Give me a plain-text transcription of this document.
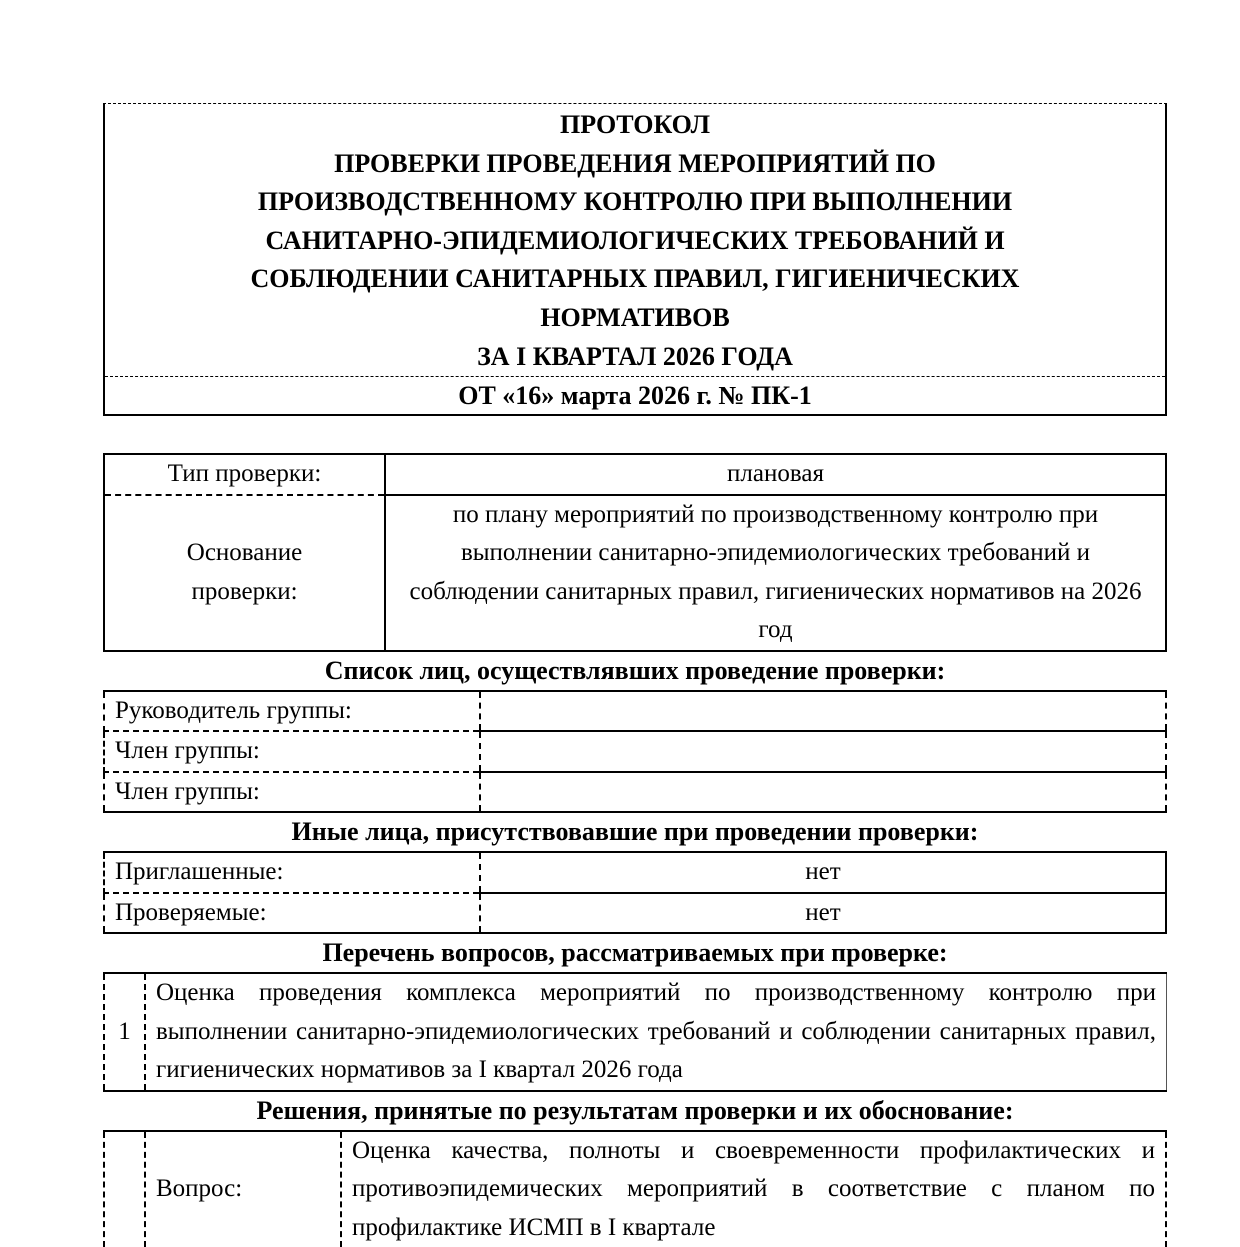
ПРОТОКОЛ
ПРОВЕРКИ ПРОВЕДЕНИЯ МЕРОПРИЯТИЙ ПО
ПРОИЗВОДСТВЕННОМУ КОНТРОЛЮ ПРИ ВЫПОЛНЕНИИ
САНИТАРНО-ЭПИДЕМИОЛОГИЧЕСКИХ ТРЕБОВАНИЙ И
СОБЛЮДЕНИИ САНИТАРНЫХ ПРАВИЛ, ГИГИЕНИЧЕСКИХ
НОРМАТИВОВ
ЗА I КВАРТАЛ 2026 ГОДА
ОТ «16» марта 2026 г. № ПК-1
Тип проверки:	плановая
Основание проверки:	по плану мероприятий по производственному контролю при выполнении санитарно-эпидемиологических требований и соблюдении санитарных правил, гигиенических нормативов на 2026 год
Список лиц, осуществлявших проведение проверки:
Руководитель группы:	
Член группы:	
Член группы:	
Иные лица, присутствовавшие при проведении проверки:
Приглашенные:	нет
Проверяемые:	нет
Перечень вопросов, рассматриваемых при проверке:
1	Оценка проведения комплекса мероприятий по производственному контролю при выполнении санитарно-эпидемиологических требований и соблюдении санитарных правил, гигиенических нормативов за I квартал 2026 года
Решения, принятые по результатам проверки и их обоснование:
	Вопрос:	Оценка качества, полноты и своевременности профилактических и противоэпидемических мероприятий в соответствие с планом по профилактике ИСМП в I квартале
